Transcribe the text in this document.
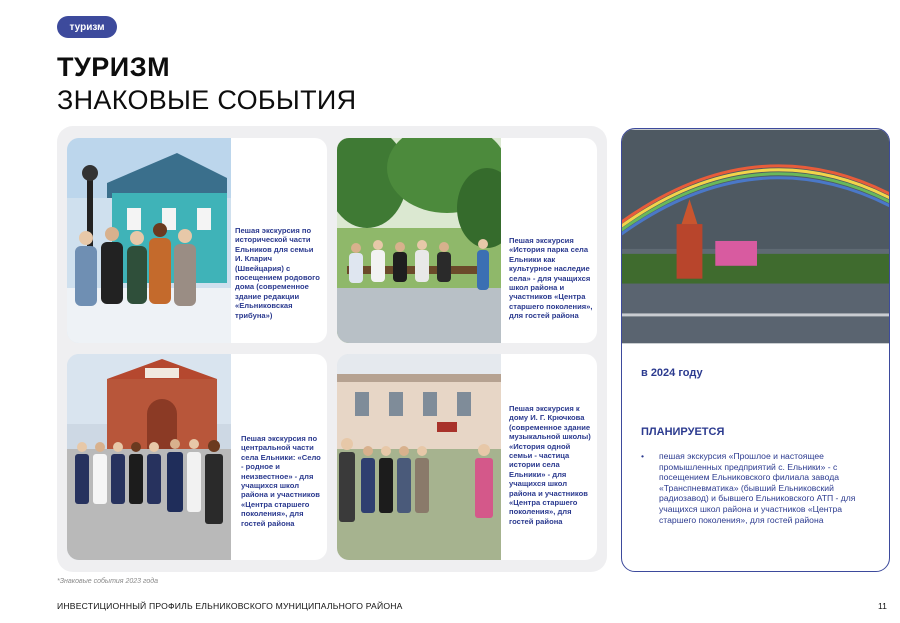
туризм
ТУРИЗМ
ЗНАКОВЫЕ СОБЫТИЯ
Пешая экскурсия по исторической части Ельников для семьи И. Кларич (Швейцария) с посещением родового дома (современное здание редакции «Ельниковская трибуна»)
Пешая экскурсия «История парка села Ельники как культурное наследие села» - для учащихся школ района и участников «Центра старшего поколения», для гостей района
Пешая экскурсия по центральной части села Ельники: «Село - родное и неизвестное» - для учащихся школ района и участников «Центра старшего поколения», для гостей района
Пешая экскурсия к дому И. Г. Крючкова (современное здание музыкальной школы) «История одной семьи - частица истории села Ельники» - для учащихся школ района и участников «Центра старшего поколения», для гостей района
в 2024 году
ПЛАНИРУЕТСЯ
•	пешая экскурсия «Прошлое и настоящее промышленных предприятий с. Ельники» - с посещением Ельниковского филиала завода «Транспневматика» (бывший Ельниковский радиозавод) и бывшего Ельниковского АТП - для учащихся школ района и участников «Центра старшего поколения», для гостей района
*Знаковые события 2023 года
ИНВЕСТИЦИОННЫЙ ПРОФИЛЬ ЕЛЬНИКОВСКОГО МУНИЦИПАЛЬНОГО РАЙОНА	11
